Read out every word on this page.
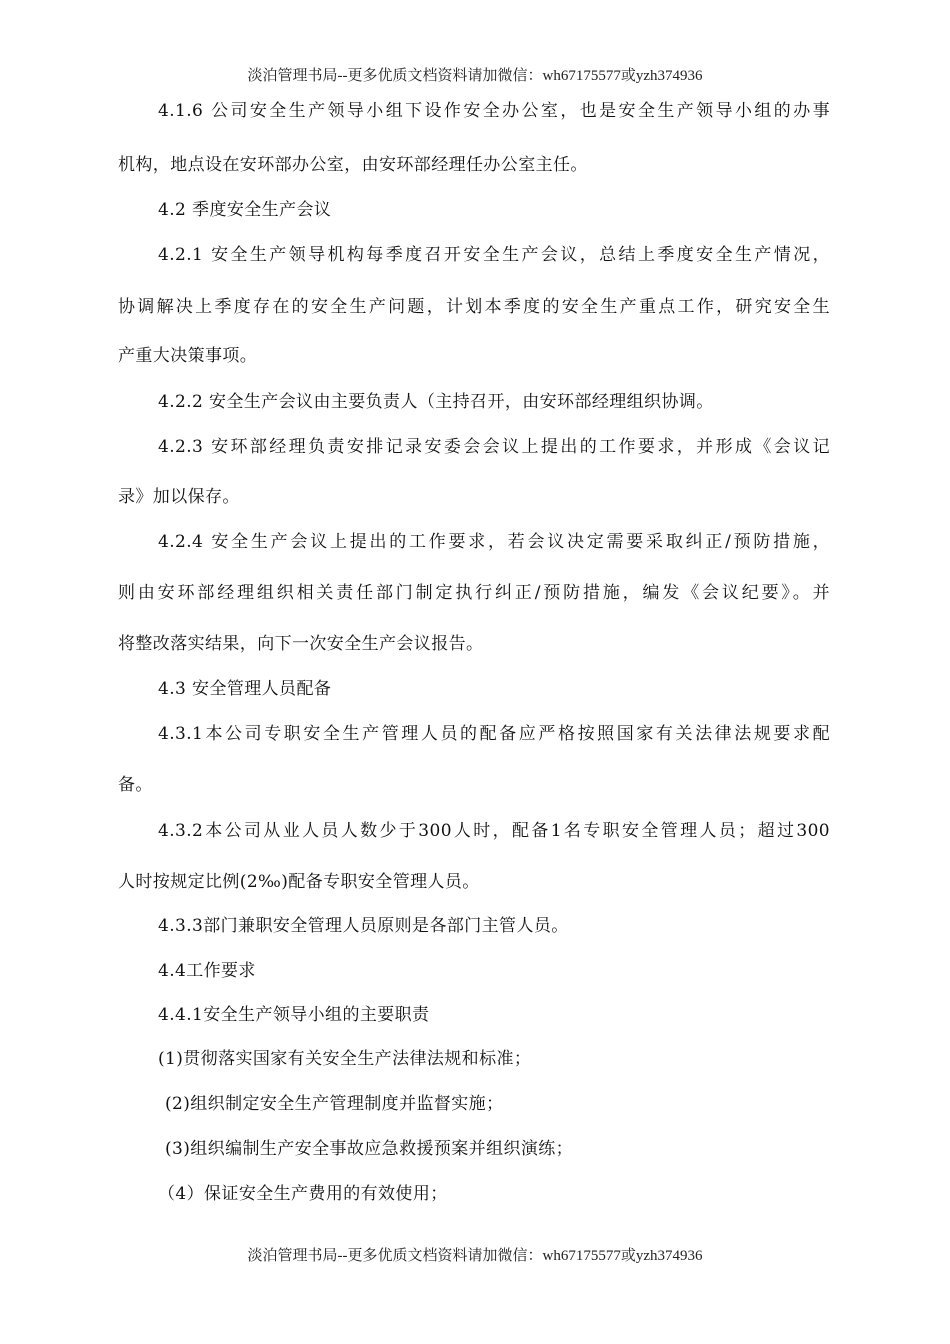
淡泊管理书局--更多优质文档资料请加微信：wh67175577或yzh374936
4.1.6 公司安全生产领导小组下设作安全办公室，也是安全生产领导小组的办事
机构，地点设在安环部办公室，由安环部经理任办公室主任。
4.2 季度安全生产会议
4.2.1 安全生产领导机构每季度召开安全生产会议，总结上季度安全生产情况，
协调解决上季度存在的安全生产问题，计划本季度的安全生产重点工作，研究安全生
产重大决策事项。
4.2.2 安全生产会议由主要负责人（主持召开，由安环部经理组织协调。
4.2.3 安环部经理负责安排记录安委会会议上提出的工作要求，并形成《会议记
录》加以保存。
4.2.4 安全生产会议上提出的工作要求，若会议决定需要采取纠正/预防措施，
则由安环部经理组织相关责任部门制定执行纠正/预防措施，编发《会议纪要》。并
将整改落实结果，向下一次安全生产会议报告。
4.3 安全管理人员配备
4.3.1本公司专职安全生产管理人员的配备应严格按照国家有关法律法规要求配
备。
4.3.2本公司从业人员人数少于300人时，配备1名专职安全管理人员；超过300
人时按规定比例(2‰)配备专职安全管理人员。
4.3.3部门兼职安全管理人员原则是各部门主管人员。
4.4工作要求
4.4.1安全生产领导小组的主要职责
(1)贯彻落实国家有关安全生产法律法规和标准；
(2)组织制定安全生产管理制度并监督实施；
(3)组织编制生产安全事故应急救援预案并组织演练；
（4）保证安全生产费用的有效使用；
淡泊管理书局--更多优质文档资料请加微信：wh67175577或yzh374936
